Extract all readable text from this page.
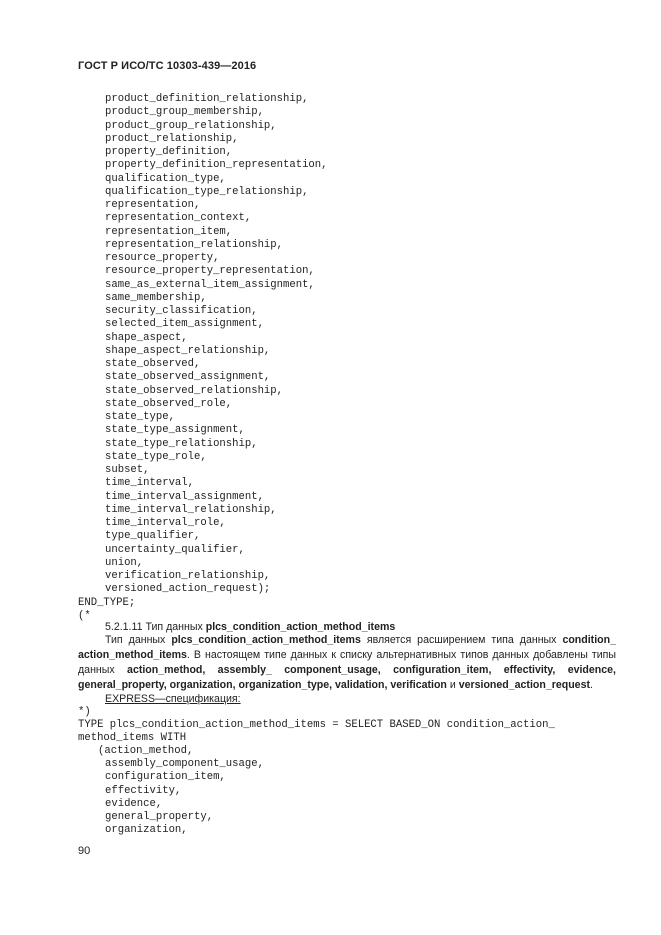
ГОСТ Р ИСО/ТС 10303-439—2016
product_definition_relationship,
product_group_membership,
product_group_relationship,
product_relationship,
property_definition,
property_definition_representation,
qualification_type,
qualification_type_relationship,
representation,
representation_context,
representation_item,
representation_relationship,
resource_property,
resource_property_representation,
same_as_external_item_assignment,
same_membership,
security_classification,
selected_item_assignment,
shape_aspect,
shape_aspect_relationship,
state_observed,
state_observed_assignment,
state_observed_relationship,
state_observed_role,
state_type,
state_type_assignment,
state_type_relationship,
state_type_role,
subset,
time_interval,
time_interval_assignment,
time_interval_relationship,
time_interval_role,
type_qualifier,
uncertainty_qualifier,
union,
verification_relationship,
versioned_action_request);
END_TYPE;
(*
5.2.1.11 Тип данных plcs_condition_action_method_items
Тип данных plcs_condition_action_method_items является расширением типа данных condition_ action_method_items. В настоящем типе данных к списку альтернативных типов данных добавлены типы данных action_method, assembly_ component_usage, configuration_item, effectivity, evidence, general_property, organization, organization_type, validation, verification и versioned_action_request.
EXPRESS—спецификация:
*)
TYPE plcs_condition_action_method_items = SELECT BASED_ON condition_action_
method_items WITH
(action_method,
assembly_component_usage,
configuration_item,
effectivity,
evidence,
general_property,
organization,
90
